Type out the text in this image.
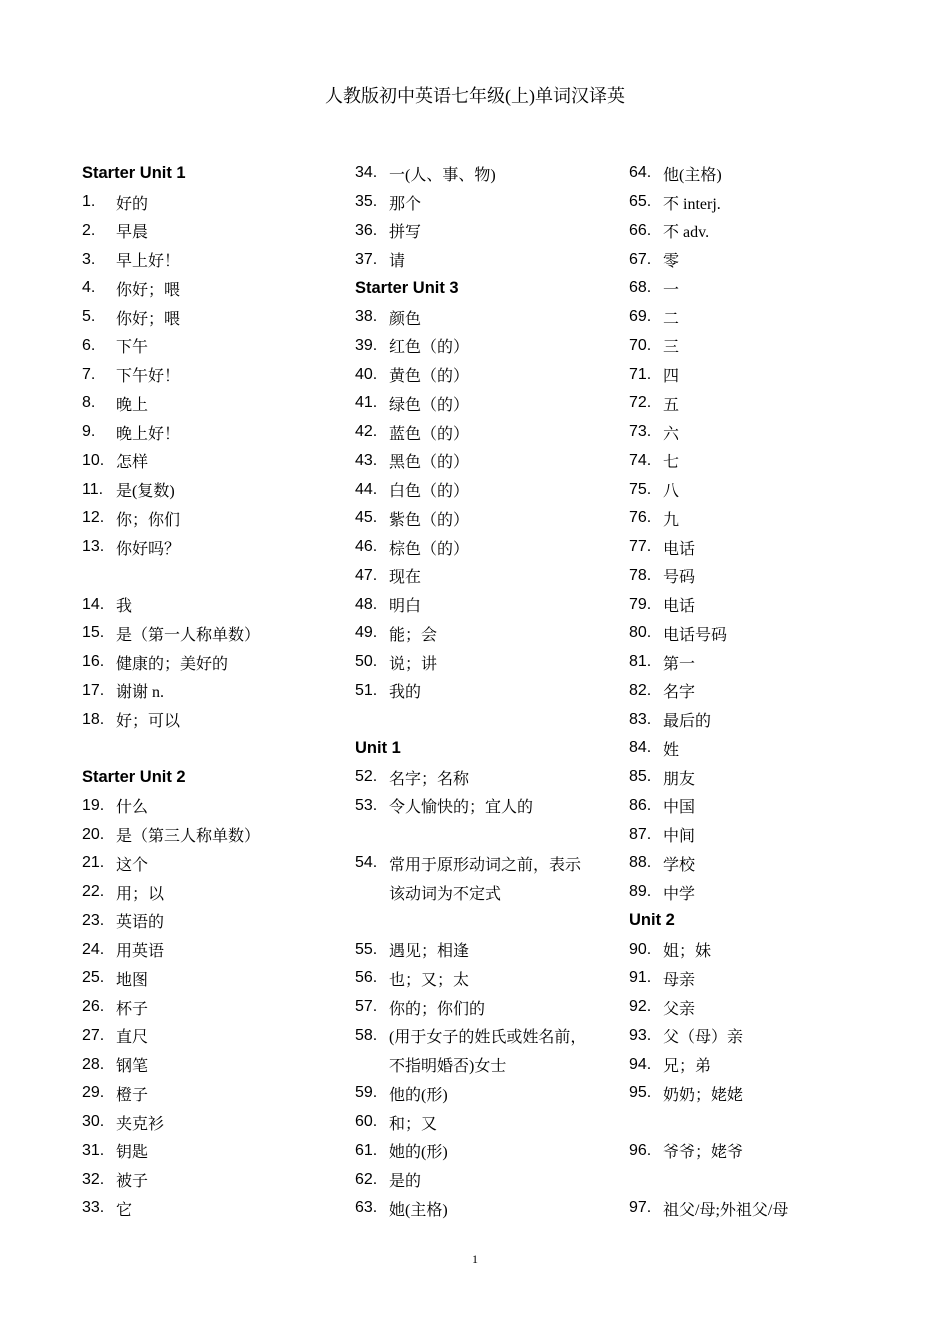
人教版初中英语七年级(上)单词汉译英
Starter Unit 1
1.	好的
2.	早晨
3.	早上好！
4.	你好；喂
5.	你好；喂
6.	下午
7.	下午好！
8.	晚上
9.	晚上好！
10. 怎样
11. 是(复数)
12. 你；你们
13. 你好吗？
14. 我
15. 是（第一人称单数）
16. 健康的；美好的
17. 谢谢 n.
18. 好；可以
Starter Unit 2
19. 什么
20. 是（第三人称单数）
21. 这个
22. 用；以
23. 英语的
24. 用英语
25. 地图
26. 杯子
27. 直尺
28. 钢笔
29. 橙子
30. 夹克衫
31. 钥匙
32. 被子
33. 它
34. 一(人、事、物)
35. 那个
36. 拼写
37. 请
Starter Unit 3
38. 颜色
39. 红色（的）
40. 黄色（的）
41. 绿色（的）
42. 蓝色（的）
43. 黑色（的）
44. 白色（的）
45. 紫色（的）
46. 棕色（的）
47. 现在
48. 明白
49. 能；会
50. 说；讲
51. 我的
Unit 1
52. 名字；名称
53. 令人愉快的；宜人的
54. 常用于原形动词之前，表示
该动词为不定式
55. 遇见；相逢
56. 也；又；太
57. 你的；你们的
58. (用于女子的姓氏或姓名前，
不指明婚否)女士
59. 他的(形)
60. 和；又
61. 她的(形)
62. 是的
63. 她(主格)
64. 他(主格)
65. 不 interj.
66. 不 adv.
67. 零
68. 一
69. 二
70. 三
71. 四
72. 五
73. 六
74. 七
75. 八
76. 九
77. 电话
78. 号码
79. 电话
80. 电话号码
81. 第一
82. 名字
83. 最后的
84. 姓
85. 朋友
86. 中国
87. 中间
88. 学校
89. 中学
Unit 2
90. 姐；妹
91. 母亲
92. 父亲
93. 父（母）亲
94. 兄；弟
95. 奶奶；姥姥
96. 爷爷；姥爷
97. 祖父/母;外祖父/母
1
